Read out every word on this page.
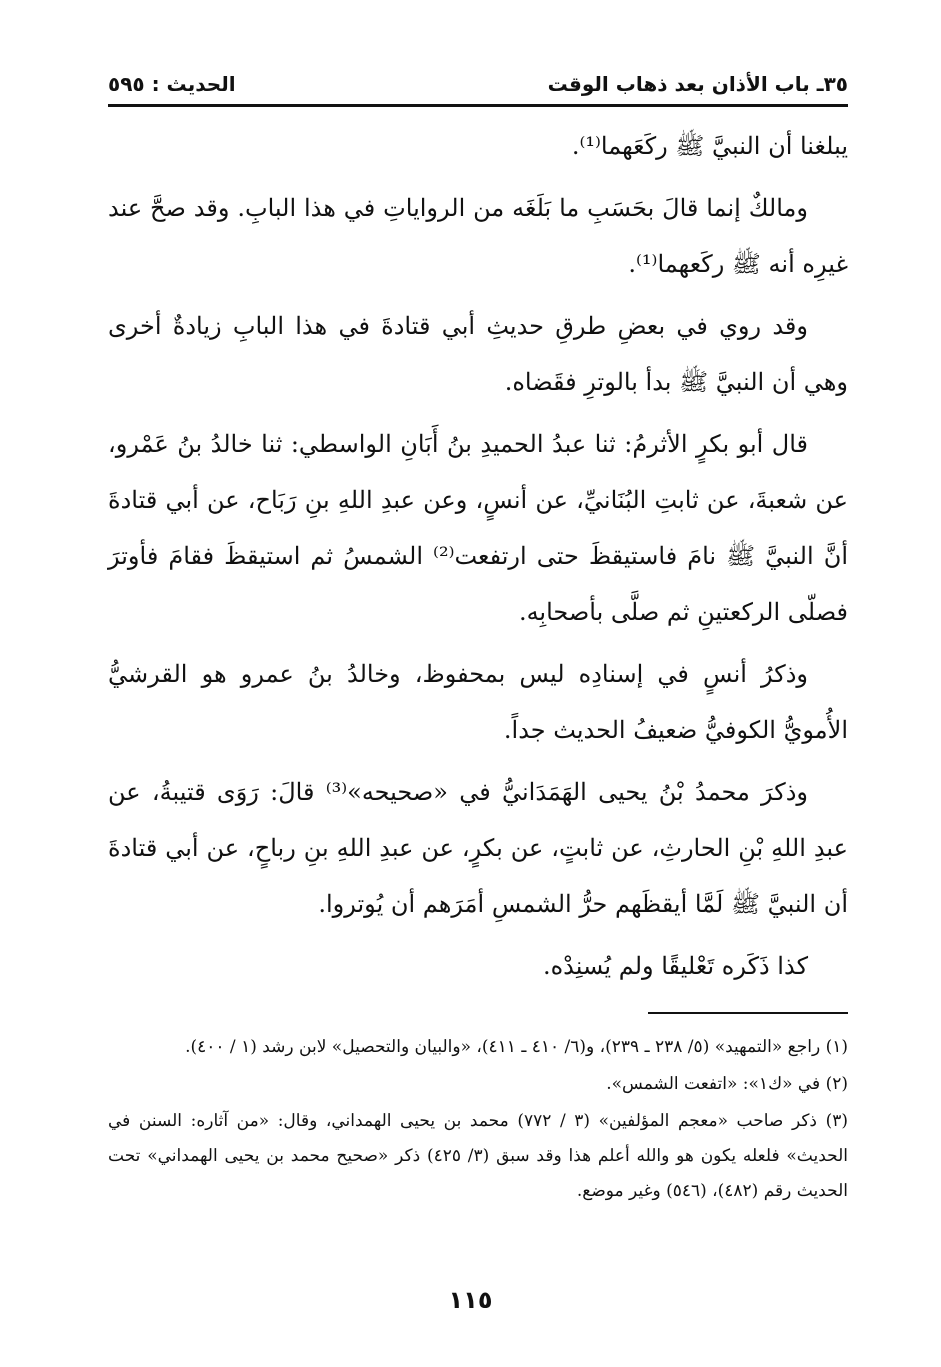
٣٥ـ باب الأذان بعد ذهاب الوقت
الحديث : ٥٩٥

يبلغنا أن النبيَّ ﷺ ركَعَهما⁽¹⁾.

ومالكٌ إنما قالَ بحَسَبِ ما بَلَغَه من الرواياتِ في هذا البابِ. وقد صحَّ عند غيرِه أنه ﷺ ركَعهما⁽¹⁾.

وقد روي في بعضِ طرقِ حديثِ أبي قتادةَ في هذا البابِ زيادةٌ أخرى وهي أن النبيَّ ﷺ بدأ بالوترِ فقَضاه.

قال أبو بكرٍ الأثرمُ: ثنا عبدُ الحميدِ بنُ أَبَانِ الواسطي: ثنا خالدُ بنُ عَمْرو، عن شعبةَ، عن ثابتِ البُنَانيِّ، عن أنسٍ، وعن عبدِ اللهِ بنِ رَبَاح، عن أبي قتادةَ أنَّ النبيَّ ﷺ نامَ فاستيقظَ حتى ارتفعت⁽²⁾ الشمسُ ثم استيقظَ فقامَ فأوترَ فصلّى الركعتينِ ثم صلَّى بأصحابِه.

وذكرُ أنسٍ في إسنادِه ليس بمحفوظ، وخالدُ بنُ عمرو هو القرشيُّ الأُمويُّ الكوفيُّ ضعيفُ الحديث جداً.

وذكرَ محمدُ بْنُ يحيى الهَمَدَانيُّ في «صحيحه»⁽³⁾ قالَ: رَوَى قتيبةُ، عن عبدِ اللهِ بْنِ الحارثِ، عن ثابتٍ، عن بكرٍ، عن عبدِ اللهِ بنِ رباحٍ، عن أبي قتادةَ أن النبيَّ ﷺ لَمَّا أيقظَهم حرُّ الشمسِ أمَرَهم أن يُوتروا.

كذا ذَكَره تَعْليقًا ولم يُسنِدْه.

(١) راجع «التمهيد» (٥/ ٢٣٨ ـ ٢٣٩)، و(٦/ ٤١٠ ـ ٤١١)، «والبيان والتحصيل» لابن رشد (١ / ٤٠٠).

(٢) في «ك١»: «اتفعت الشمس».

(٣) ذكر صاحب «معجم المؤلفين» (٣ / ٧٧٢) محمد بن يحيى الهمداني، وقال: «من آثاره: السنن في الحديث» فلعله يكون هو والله أعلم هذا وقد سبق (٣/ ٤٢٥) ذكر «صحيح محمد بن يحيى الهمداني» تحت الحديث رقم (٤٨٢)، (٥٤٦) وغير موضع.

١١٥
